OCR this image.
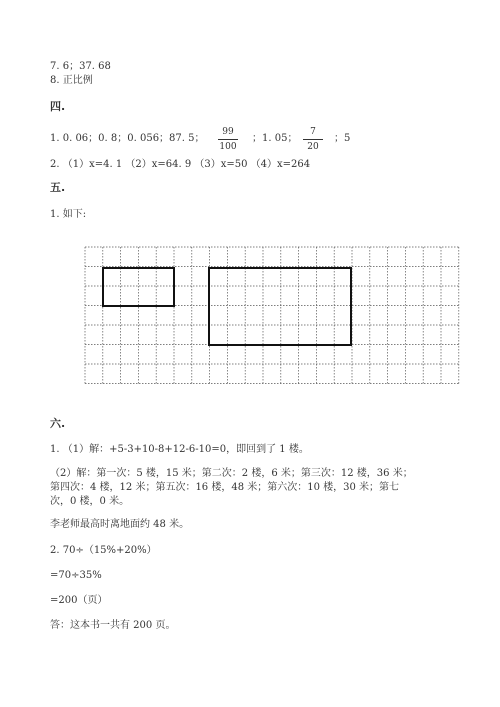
7. 6；37. 68
8. 正比例
四.
1. 0. 06；0. 8；0. 056；87. 5；
99
100
；1. 05；
7
20
；5
2. （1）x=4. 1 （2）x=64. 9 （3）x=50 （4）x=264
五.
1. 如下:
六.
1. （1）解：+5-3+10-8+12-6-10=0，即回到了 1 楼。
（2）解：第一次：5 楼，15 米；第二次：2 楼，6 米；第三次：12 楼，36 米；
第四次：4 楼，12 米；第五次：16 楼，48 米；第六次：10 楼，30 米；第七
次，0 楼，0 米。
李老师最高时离地面约 48 米。
2. 70÷（15%+20%）
=70÷35%
=200（页）
答：这本书一共有 200 页。
